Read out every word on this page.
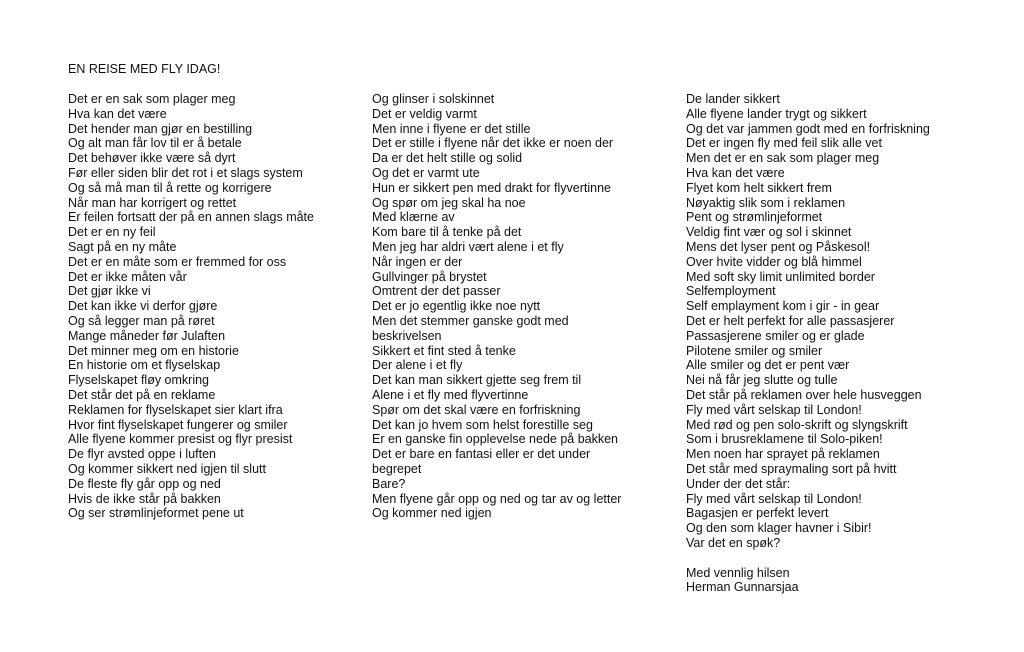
EN REISE MED FLY IDAG!
Det er en sak som plager meg
Hva kan det være
Det hender man gjør en bestilling
Og alt man får lov til er å betale
Det behøver ikke være så dyrt
Før eller siden blir det rot i et slags system
Og så må man til å rette og korrigere
Når man har korrigert og rettet
Er feilen fortsatt der på en annen slags måte
Det er en ny feil
Sagt på en ny måte
Det er en måte som er fremmed for oss
Det er ikke måten vår
Det gjør ikke vi
Det kan ikke vi derfor gjøre
Og så legger man på røret
Mange måneder før Julaften
Det minner meg om en historie
En historie om et flyselskap
Flyselskapet fløy omkring
Det står det på en reklame
Reklamen for flyselskapet sier klart ifra
Hvor fint flyselskapet fungerer og smiler
Alle flyene kommer presist og flyr presist
De flyr avsted oppe i luften
Og kommer sikkert ned igjen til slutt
De fleste fly går opp og ned
Hvis de ikke står på bakken
Og ser strømlinjeformet pene ut
Og glinser i solskinnet
Det er veldig varmt
Men inne i flyene er det stille
Det er stille i flyene når det ikke er noen der
Da er det helt stille og solid
Og det er varmt ute
Hun er sikkert pen med drakt for flyvertinne
Og spør om jeg skal ha noe
Med klærne av
Kom bare til å tenke på det
Men jeg har aldri vært alene i et fly
Når ingen er der
Gullvinger på brystet
Omtrent der det passer
Det er jo egentlig ikke noe nytt
Men det stemmer ganske godt med
beskrivelsen
Sikkert et fint sted å tenke
Der alene i et fly
Det kan man sikkert gjette seg frem til
Alene i et fly med flyvertinne
Spør om det skal være en forfriskning
Det kan jo hvem som helst forestille seg
Er en ganske fin opplevelse nede på bakken
Det er bare en fantasi eller er det under
begrepet
Bare?
Men flyene går opp og ned og tar av og letter
Og kommer ned igjen
De lander sikkert
Alle flyene lander trygt og sikkert
Og det var jammen godt med en forfriskning
Det er ingen fly med feil slik alle vet
Men det er en sak som plager meg
Hva kan det være
Flyet kom helt sikkert frem
Nøyaktig slik som i reklamen
Pent og strømlinjeformet
Veldig fint vær og sol i skinnet
Mens det lyser pent og Påskesol!
Over hvite vidder og blå himmel
Med soft sky limit unlimited border
Selfemployment
Self emplayment kom i gir - in gear
Det er helt perfekt for alle passasjerer
Passasjerene smiler og er glade
Pilotene smiler og smiler
Alle smiler og det er pent vær
Nei nå får jeg slutte og tulle
Det står på reklamen over hele husveggen
Fly med vårt selskap til London!
Med rød og pen solo-skrift og slyngskrift
Som i brusreklamene til Solo-piken!
Men noen har sprayet på reklamen
Det står med spraymaling sort på hvitt
Under der det står:
Fly med vårt selskap til London!
Bagasjen er perfekt levert
Og den som klager havner i Sibir!
Var det en spøk?
Med vennlig hilsen
Herman Gunnarsjaa
